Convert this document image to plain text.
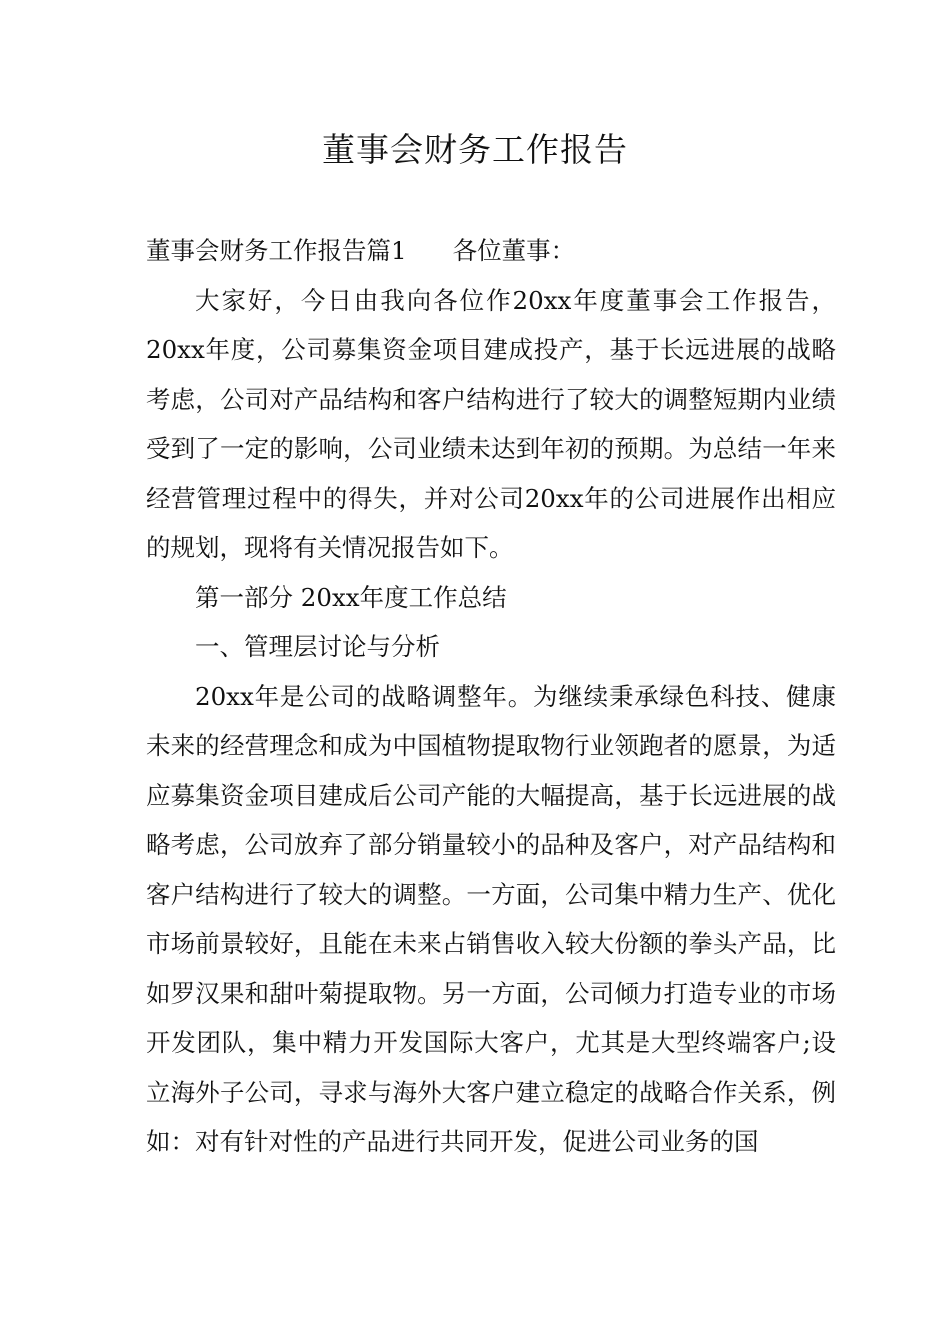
董事会财务工作报告

董事会财务工作报告篇1 各位董事：

大家好，今日由我向各位作20xx年度董事会工作报告，20xx年度，公司募集资金项目建成投产，基于长远进展的战略考虑，公司对产品结构和客户结构进行了较大的调整短期内业绩受到了一定的影响，公司业绩未达到年初的预期。为总结一年来经营管理过程中的得失，并对公司20xx年的公司进展作出相应的规划，现将有关情况报告如下。

第一部分 20xx年度工作总结

一、管理层讨论与分析

20xx年是公司的战略调整年。为继续秉承绿色科技、健康未来的经营理念和成为中国植物提取物行业领跑者的愿景，为适应募集资金项目建成后公司产能的大幅提高，基于长远进展的战略考虑，公司放弃了部分销量较小的品种及客户，对产品结构和客户结构进行了较大的调整。一方面，公司集中精力生产、优化市场前景较好，且能在未来占销售收入较大份额的拳头产品，比如罗汉果和甜叶菊提取物。另一方面，公司倾力打造专业的市场开发团队，集中精力开发国际大客户，尤其是大型终端客户;设立海外子公司，寻求与海外大客户建立稳定的战略合作关系，例如：对有针对性的产品进行共同开发，促进公司业务的国
